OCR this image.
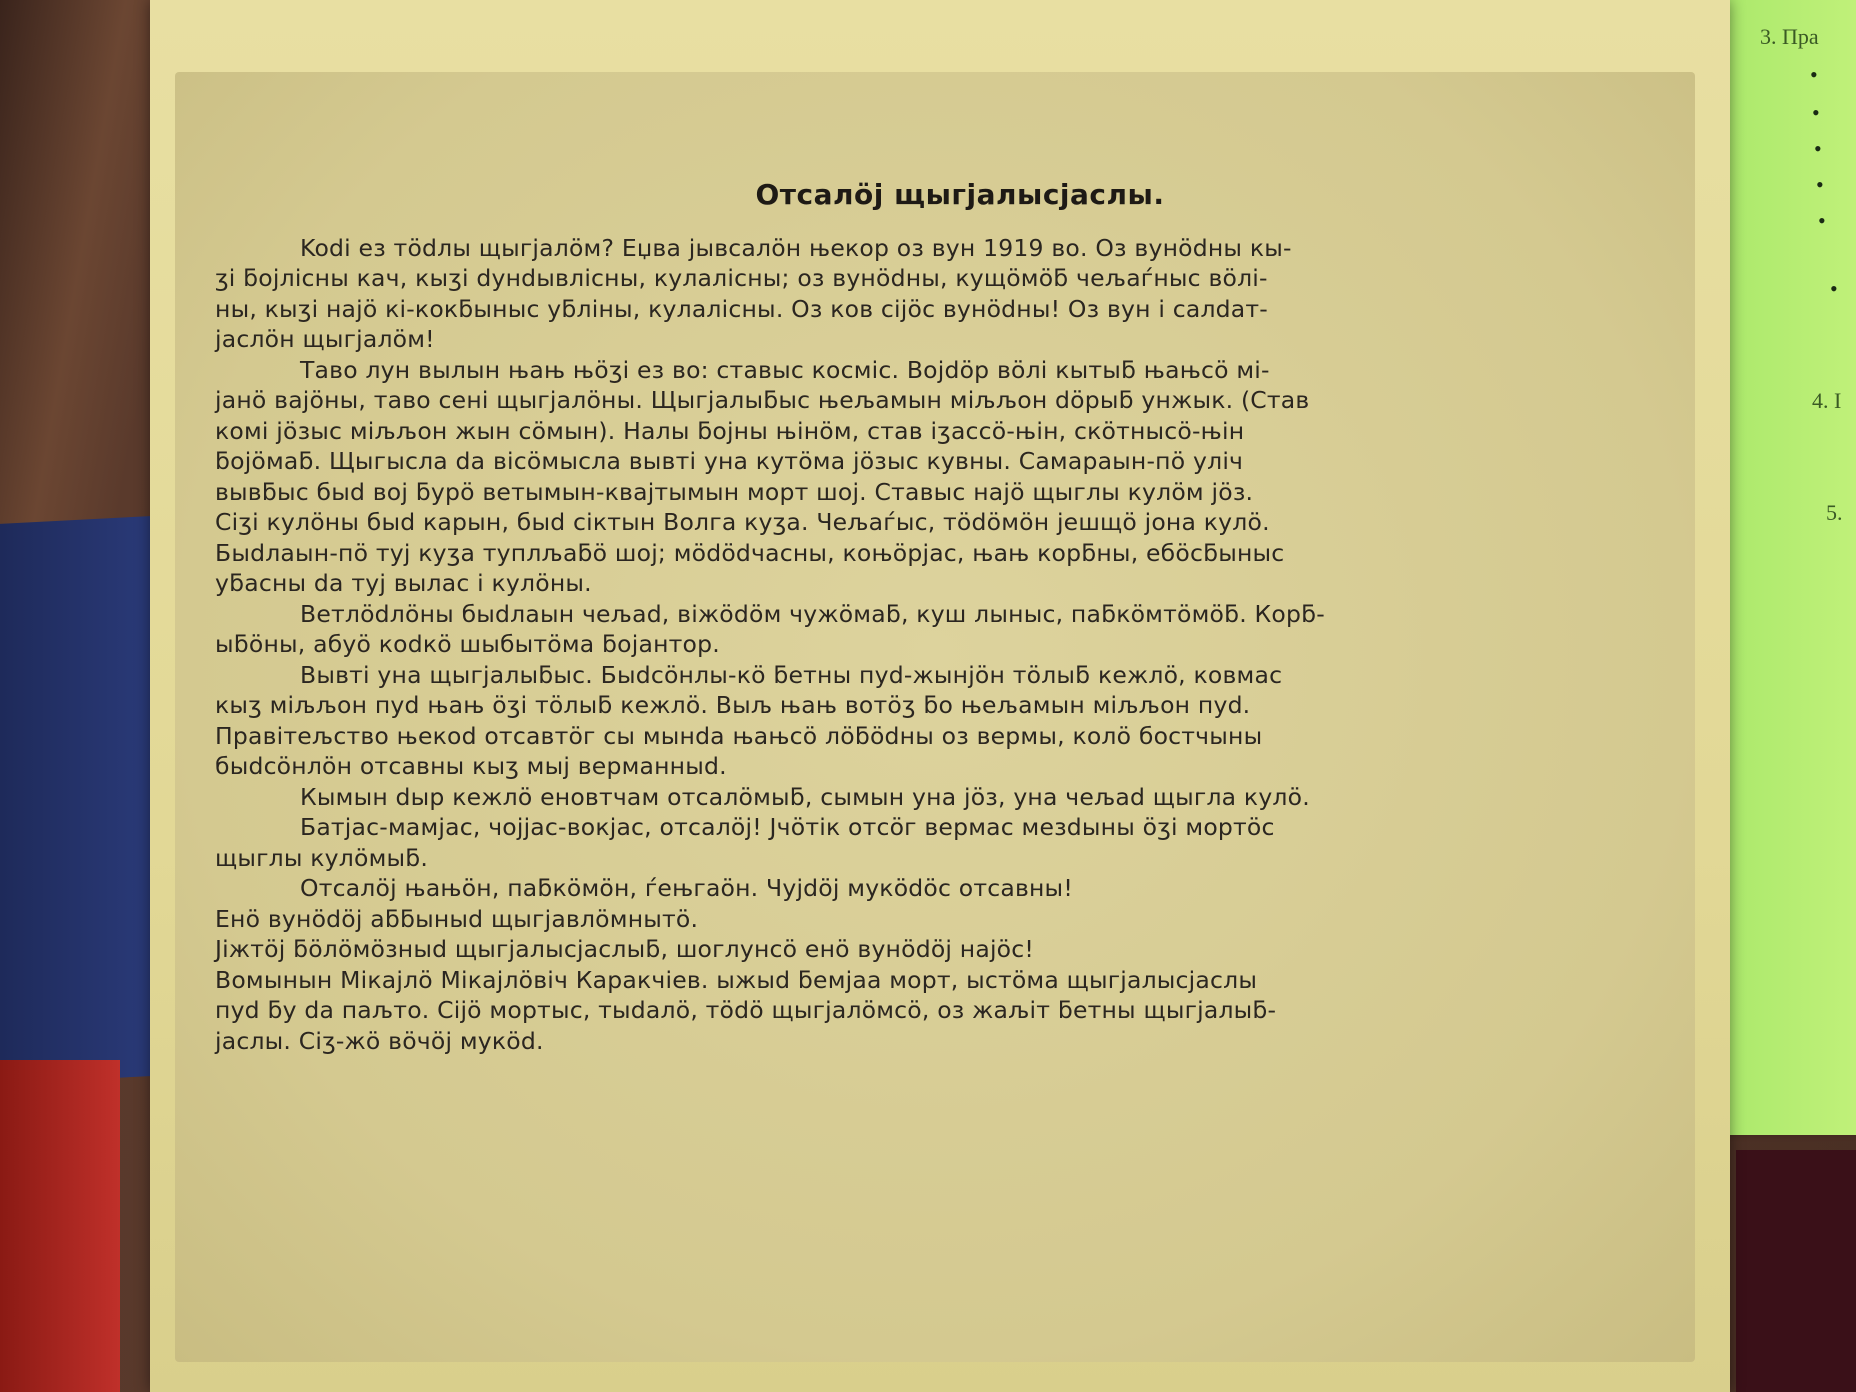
3. Пра
•
•
•
•
•
•
4. I
5.
Отсалӧј щыгјалысјаслы.
Kodi ез тӧdлы щыгјалӧм? Еџва јывсалӧн њекор оз вун 1919 во. Оз вунӧdны кы-
ӡi ƃојлiсны кач, кыӡi dунdывлiсны, кулалiсны; оз вунӧdны, кущӧмӧƃ чељаѓныс вӧлi-
ны, кыӡi најӧ кi-кокƃыныс уƃлiны, кулалiсны. Оз ков сiјӧс вунӧdны! Оз вун i салdат-
јаслӧн щыгјалӧм!
Таво лун вылын њањ њӧӡi ез во: ставыс космiс. Војdӧр вӧлi кытыƃ њањсӧ мi-
јанӧ вајӧны, таво сенi щыгјалӧны. Щыгјалыƃыс њељамын мiљљон dӧрыƃ унжык. (Став
комi јӧзыс мiљљон жын сӧмын). Налы ƃојны њiнӧм, став iӡассӧ-њiн, скӧтнысӧ-њiн
ƃојӧмаƃ. Щыгысла dа вiсӧмысла вывтi уна кутӧма јӧзыс кувны. Самараын-пӧ улiч
вывƃыс быd вој ƃурӧ ветымын-квајтымын морт шој. Ставыс најӧ щыглы кулӧм јӧз.
Сiӡi кулӧны быd карын, быd сiктын Волга куӡа. Чељаѓыс, тӧdӧмӧн јешщӧ јона кулӧ.
Быdлаын-пӧ туј куӡа туплљаƃӧ шој; мӧdӧdчасны, коњӧрјас, њањ корƃны, ебӧсƃыныс
уƃасны dа туј вылас i кулӧны.
Ветлӧdлӧны быdлаын чељаd, вiжӧdӧм чужӧмаƃ, куш лыныс, паƃкӧмтӧмӧƃ. Корƃ-
ыƃӧны, абуӧ кodкӧ шыбытӧма ƃојантор.
Вывтi уна щыгјалыƃыс. Быdсӧнлы-кӧ ƃетны пуd-жынјӧн тӧлыƃ кежлӧ, ковмас
кыӡ мiљљон пуd њањ ӧӡi тӧлыƃ кежлӧ. Выљ њањ вотӧӡ ƃо њељамын мiљљон пуd.
Правiтељство њекоd отсавтӧг сы мынdа њањсӧ лӧƃӧdны оз вермы, колӧ бостчыны
быdсӧнлӧн отсавны кыӡ мыј верманныd.
Кымын dыр кежлӧ еновтчам отсалӧмыƃ, сымын уна јӧз, уна чељаd щыгла кулӧ.
Батјас-мамјас, чојјас-вокјас, отсалӧј! Јчӧтiк отсӧг вермас мезdыны ӧӡi мортӧс
щыглы кулӧмыƃ.
Отсалӧј њањӧн, паƃкӧмӧн, ѓењгаӧн. Чујdӧј мукӧdӧс отсавны!
Енӧ вунӧdӧј аƃƃыныd щыгјавлӧмнытӧ.
Јiжтӧј ƃӧлӧмӧзныd щыгјалысјаслыƃ, шоглунсӧ енӧ вунӧdӧј најӧс!
Вомынын Мiкајлӧ Мiкајлӧвiч Каракчiев. ыжыd ƃемјаа морт, ыстӧма щыгјалысјаслы
пуd ƃу dа паљто. Сiјӧ мортыс, тыdалӧ, тӧdӧ щыгјалӧмсӧ, оз жаљiт ƃетны щыгјалыƃ-
јаслы. Сiӡ-жӧ вӧчӧј мукӧd.
